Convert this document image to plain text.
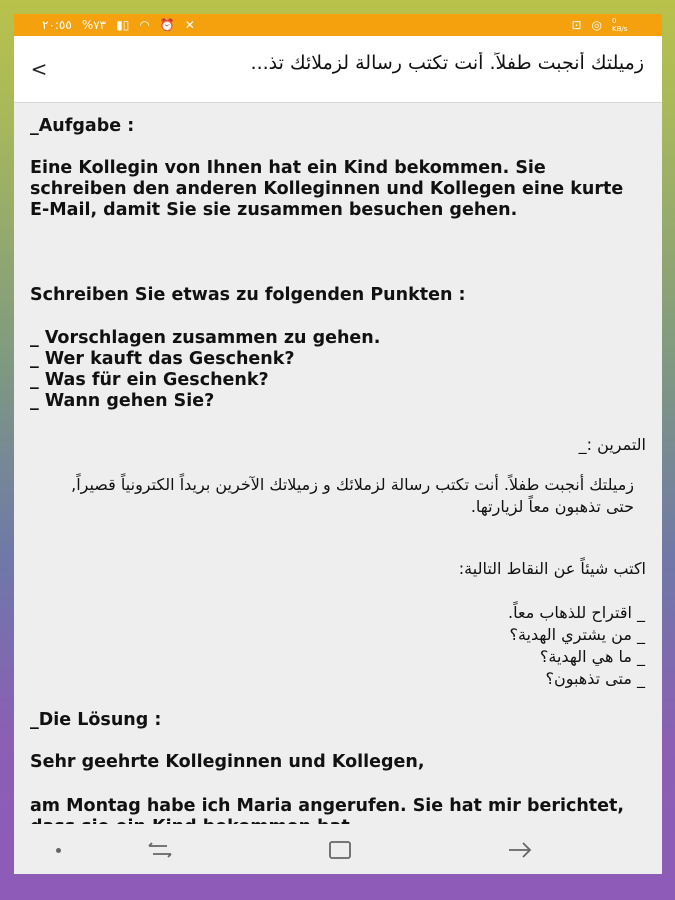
٢٠:٥٥ %٧٣ ▮▯ ◠ ⏰ ✕	⊡ ◎ 0 KB/s
<	زميلتك أنجبت طفلاً. أنت تكتب رسالة لزملائك تذ...

_Aufgabe :

Eine Kollegin von Ihnen hat ein Kind bekommen. Sie schreiben den anderen Kolleginnen und Kollegen eine kurte E-Mail, damit Sie sie zusammen besuchen gehen.

Schreiben Sie etwas zu folgenden Punkten :

_ Vorschlagen zusammen zu gehen.

_ Wer kauft das Geschenk?

_ Was für ein Geschenk?

_ Wann gehen Sie?

التمرين :_

زميلتك أنجبت طفلاً. أنت تكتب رسالة لزملائك و زميلاتك الآخرين بريداً الكترونياً قصيراً, حتى تذهبون معاً لزيارتها.

اكتب شيئاً عن النقاط التالية:

_ اقتراح للذهاب معاً.

_ من يشتري الهدية؟

_ ما هي الهدية؟

_ متى تذهبون؟

_Die Lösung :

Sehr geehrte Kolleginnen und Kollegen,

am Montag habe ich Maria angerufen. Sie hat mir berichtet,
